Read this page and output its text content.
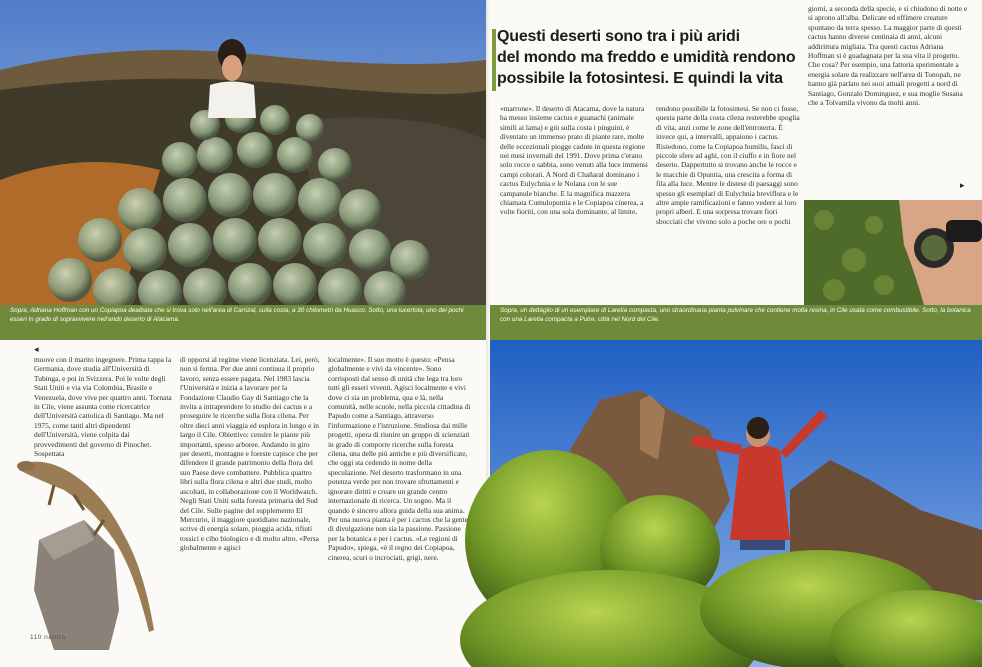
Sopra, Adriana Hoffman con un Copiapoa dealbata che si trova solo nell'area di Carrizal, sulla costa, a 30 chilometri da Huasco. Sotto, una lucertola, uno dei pochi esseri in grado di sopravvivere nell'arido deserto di Atacama.
Sopra, un dettaglio di un esemplare di Laretia compacta, uno straordinaria pianta pulvinare che contiene molta resina, in Cile usata come combustibile. Sotto, la botanica con una Laretia compacta a Putre, città nel Nord del Cile.
Questi deserti sono tra i più aridi
del mondo ma freddo e umidità rendono
possibile la fotosintesi. E quindi la vita

«marrone». Il deserto di Atacama, dove la natura ha messo insieme cactus e guanachi (animale simili ai lama) e giù sulla costa i pinguini, è diventato un immenso prato di piante rare, molte delle eccezionali piogge cadute in questa regione nei mesi invernali del 1991. Dove prima c'erano solo rocce e sabbia, sono venuti alla luce immensi campi colorati. A Nord di Chañaral dominano i cactus Eulychnia e le Nolana con le sue campanule bianche. E la magnifica mazzera chiamata Cumulopuntia e le Copiapoa cinerea, a volte fioriti, con una sola dominante, al limite,

rendono possibile la fotosintesi. Se non ci fosse, questa parte della costa cilena resterebbe spoglia di vita, anzi come le zone dell'entroterra. È invece qui, a intervalli, appaiono i cactus. Risiedono, come la Copiapoa humilis, fasci di piccole sfere ad aghi, con il ciuffo e in fiore nel deserto. Dappertutto si trovano anche le rocce e le macchie di Opuntia, una crescita a forma di fila alla luce. Mentre le distese di paesaggi sono spesso gli esemplari di Eulychnia breviflora e le altre ampie ramificazioni e fanno vedere ai loro propri alberi. E una sorpresa trovare fiori sbocciati che vivono solo a poche ore o pochi

giorni, a seconda della specie, e si chiudono di notte e si aprono all'alba. Delicate ed effimere creature spuntano da terra spesso. La maggior parte di questi cactus hanno diverse centinaia di anni, alcuni addirittura migliaia. Tra questi cactus Adriana Hoffman si è guadagnata per la sua vita il progetto. Che cosa? Per esempio, una fattoria sperimentale a energia solare da realizzare nell'area di Tonopah, ne hanno già parlato nei suoi attuali progetti a nord di Santiago, Gonzalo Dominguez, e sua moglie Susana che a Tolvamila vivono da molti anni.

▸
◂

muove con il marito ingegnere. Prima tappa la Germania, dove studia all'Università di Tubinga, e poi in Svizzera. Poi le volte degli Stati Uniti e via via Colombia, Brasile e Venezuela, dove vive per quattro anni. Tornata in Cile, viene assunta come ricercatrice dell'Università cattolica di Santiago. Ma nel 1975, come tanti altri dipendenti dell'Università, viene colpita dai provvedimenti del governo di Pinochet. Sospettata

di opporsi al regime viene licenziata. Lei, però, non si ferma. Per due anni continua il proprio lavoro, senza essere pagata. Nel 1983 lascia l'Università e inizia a lavorare per la Fondazione Claudio Gay di Santiago che la invita a intraprendere lo studio dei cactus e a proseguire le ricerche sulla flora cilena. Per oltre dieci anni viaggia ed esplora in lungo e in largo il Cile. Obiettivo: censire le piante più importanti, spesso arboree. Andando in giro per deserti, montagne e foreste capisce che per difendere il grande patrimonio della flora del suo Paese deve combattere. Pubblica quattro libri sulla flora cilena e altri due studi, molto ascoltati, in collaborazione con il Worldwatch. Negli Stati Uniti sulla foresta primaria del Sud del Cile. Sulle pagine del supplemento El Mercurio, il maggiore quotidiano nazionale, scrive di energia solare, pioggia acida, rifiuti tossici e cibo biologico e di molto altro. «Persa globalmente e agisci

localmente». Il suo motto è questo: «Pensa globalmente e vivi da vincente». Sono corrisposti dal senso di unità che lega tra loro tutti gli esseri viventi. Agisci localmente e vivi dove ci sia un problema, qua e là, nella comunità, nelle scuole, nella piccola cittadina di Papudo come a Santiago, attraverso l'informazione e l'istruzione. Studiosa dai mille progetti, opera di riunire un gruppo di scienziati in grado di comporre ricerche sulla foresta cilena, una delle più antiche e più diversificate, che oggi sta cedendo in nome della speculazione. Nel deserto trasformano in una potenza verde per non trovare sfruttamenti e ignorare diritti e creare un grande centro internazionale di ricerca. Un sogno. Ma il quando è sincero allora guida della sua anima. Per una nuova pianta è per i cactus che la gente di divulgazione non sia la passione. Passione per la botanica e per i cactus. «Le regioni di Papudo», spiega, «è il regno dei Copiapoa, cinerea, scuri o incrociati, grigi, nere.

110 natura
